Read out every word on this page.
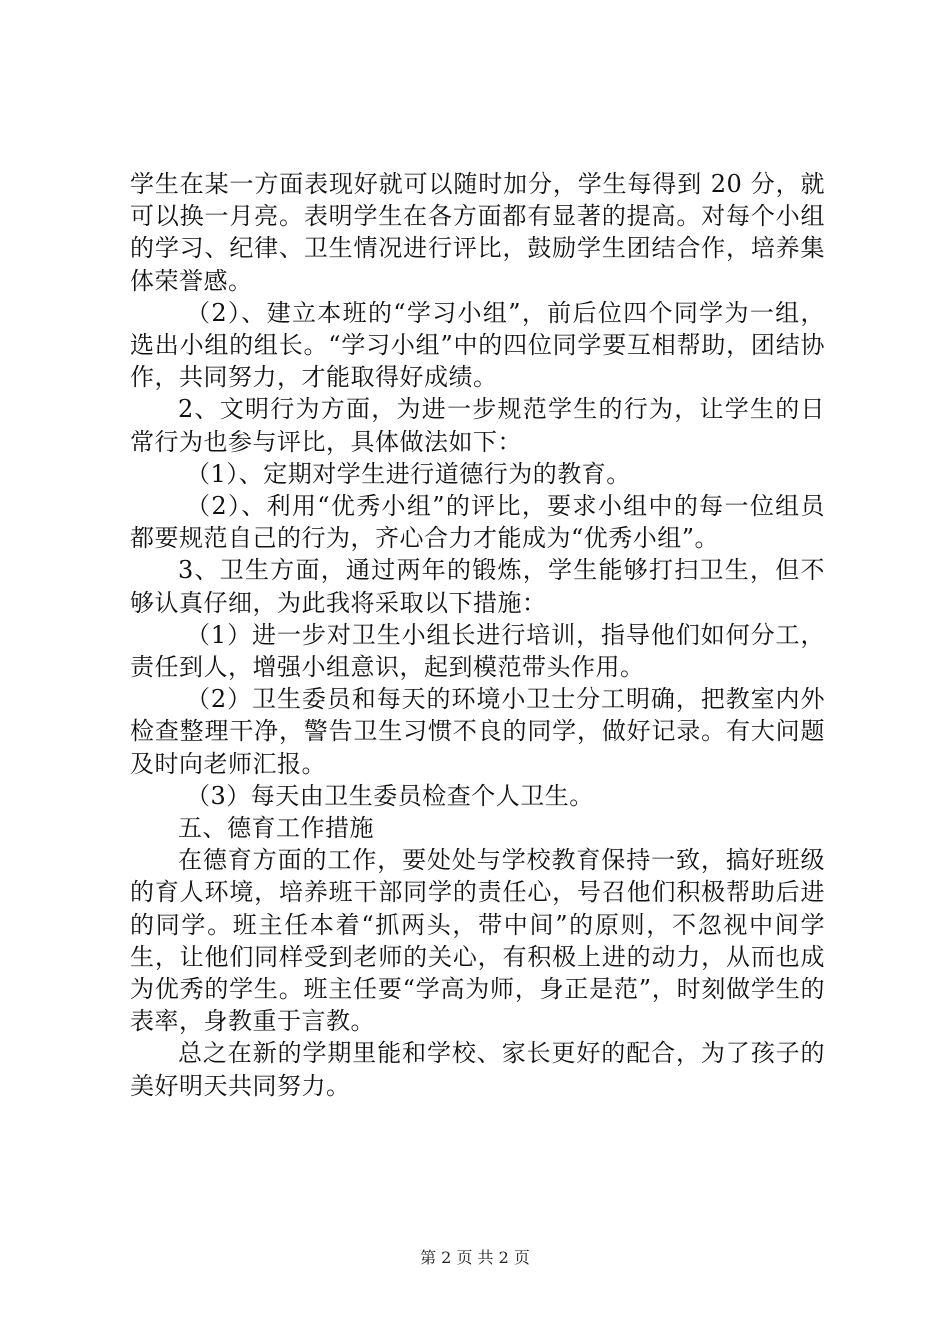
学生在某一方面表现好就可以随时加分，学生每得到 20 分，就可以换一月亮。表明学生在各方面都有显著的提高。对每个小组的学习、纪律、卫生情况进行评比，鼓励学生团结合作，培养集体荣誉感。

（2）、建立本班的“学习小组”，前后位四个同学为一组，选出小组的组长。“学习小组”中的四位同学要互相帮助，团结协作，共同努力，才能取得好成绩。

2、文明行为方面，为进一步规范学生的行为，让学生的日常行为也参与评比，具体做法如下：

（1）、定期对学生进行道德行为的教育。

（2）、利用“优秀小组”的评比，要求小组中的每一位组员都要规范自己的行为，齐心合力才能成为“优秀小组”。

3、卫生方面，通过两年的锻炼，学生能够打扫卫生，但不够认真仔细，为此我将采取以下措施：

（1）进一步对卫生小组长进行培训，指导他们如何分工，责任到人，增强小组意识，起到模范带头作用。

（2）卫生委员和每天的环境小卫士分工明确，把教室内外检查整理干净，警告卫生习惯不良的同学，做好记录。有大问题及时向老师汇报。

（3）每天由卫生委员检查个人卫生。

五、德育工作措施

在德育方面的工作，要处处与学校教育保持一致，搞好班级的育人环境，培养班干部同学的责任心，号召他们积极帮助后进的同学。班主任本着“抓两头，带中间”的原则，不忽视中间学生，让他们同样受到老师的关心，有积极上进的动力，从而也成为优秀的学生。班主任要“学高为师，身正是范”，时刻做学生的表率，身教重于言教。

总之在新的学期里能和学校、家长更好的配合，为了孩子的美好明天共同努力。

第 2 页 共 2 页
